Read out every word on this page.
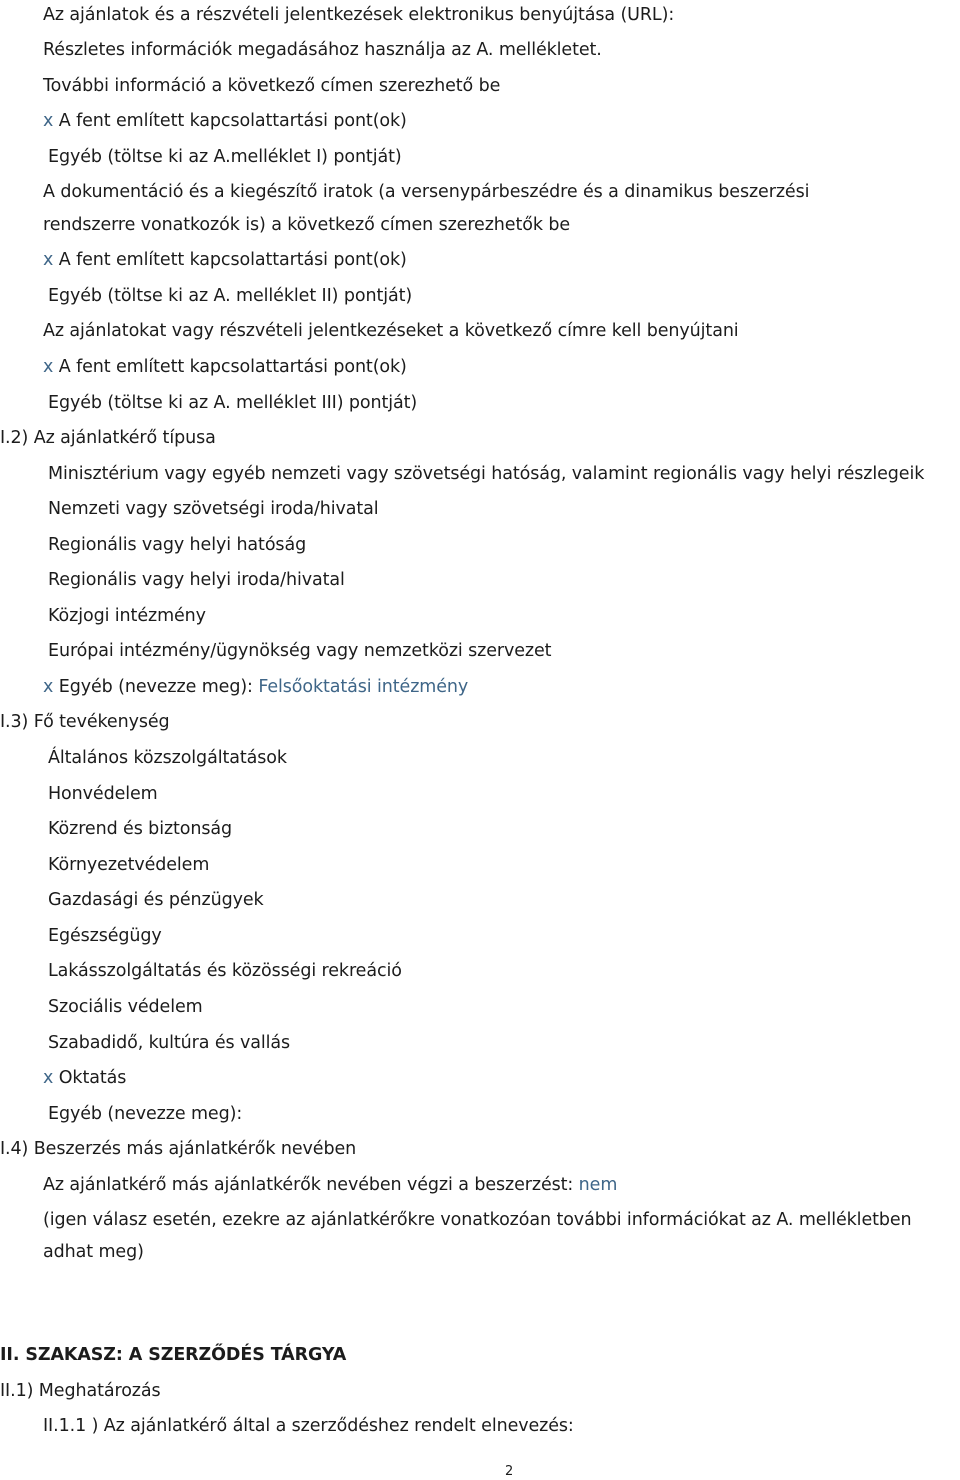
Az ajánlatok és a részvételi jelentkezések elektronikus benyújtása (URL):
Részletes információk megadásához használja az A. mellékletet.
További információ a következő címen szerezhető be
x A fent említett kapcsolattartási pont(ok)
Egyéb (töltse ki az A.melléklet I) pontját)
A dokumentáció és a kiegészítő iratok (a versenypárbeszédre és a dinamikus beszerzési
rendszerre vonatkozók is) a következő címen szerezhetők be
x A fent említett kapcsolattartási pont(ok)
Egyéb (töltse ki az A. melléklet II) pontját)
Az ajánlatokat vagy részvételi jelentkezéseket a következő címre kell benyújtani
x A fent említett kapcsolattartási pont(ok)
Egyéb (töltse ki az A. melléklet III) pontját)
I.2) Az ajánlatkérő típusa
Minisztérium vagy egyéb nemzeti vagy szövetségi hatóság, valamint regionális vagy helyi részlegeik
Nemzeti vagy szövetségi iroda/hivatal
Regionális vagy helyi hatóság
Regionális vagy helyi iroda/hivatal
Közjogi intézmény
Európai intézmény/ügynökség vagy nemzetközi szervezet
x Egyéb (nevezze meg): Felsőoktatási intézmény
I.3) Fő tevékenység
Általános közszolgáltatások
Honvédelem
Közrend és biztonság
Környezetvédelem
Gazdasági és pénzügyek
Egészségügy
Lakásszolgáltatás és közösségi rekreáció
Szociális védelem
Szabadidő, kultúra és vallás
x Oktatás
Egyéb (nevezze meg):
I.4) Beszerzés más ajánlatkérők nevében
Az ajánlatkérő más ajánlatkérők nevében végzi a beszerzést: nem
(igen válasz esetén, ezekre az ajánlatkérőkre vonatkozóan további információkat az A. mellékletben
adhat meg)
II. SZAKASZ: A SZERZŐDÉS TÁRGYA
II.1) Meghatározás
II.1.1 ) Az ajánlatkérő által a szerződéshez rendelt elnevezés:
2
